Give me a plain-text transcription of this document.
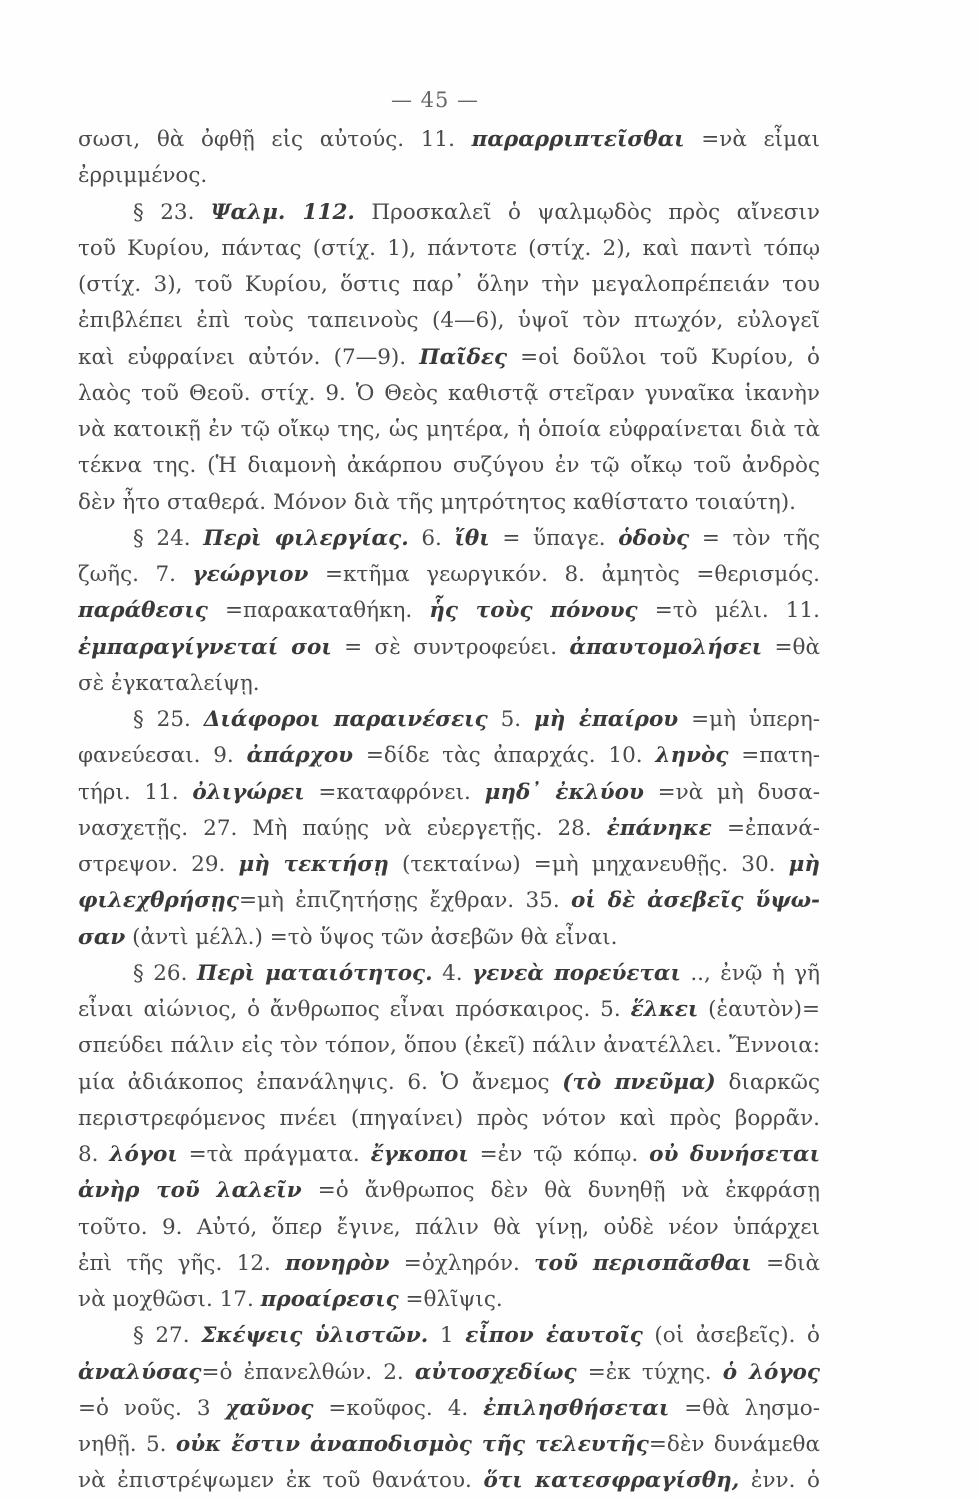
— 45 —
σωσι, θὰ ὀφθῇ εἰς αὐτούς. 11. παραρριπτεῖσθαι =νὰ εἶμαι
ἐρριμμένος.
§ 23. Ψαλμ. 112. Προσκαλεῖ ὁ ψαλμῳδὸς πρὸς αἴνεσιν
τοῦ Κυρίου, πάντας (στίχ. 1), πάντοτε (στίχ. 2), καὶ παντὶ τόπῳ
(στίχ. 3), τοῦ Κυρίου, ὅστις παρ᾽ ὅλην τὴν μεγαλοπρέπειάν του
ἐπιβλέπει ἐπὶ τοὺς ταπεινοὺς (4—6), ὑψοῖ τὸν πτωχόν, εὐλογεῖ
καὶ εὐφραίνει αὐτόν. (7—9). Παῖδες =οἱ δοῦλοι τοῦ Κυρίου, ὁ
λαὸς τοῦ Θεοῦ. στίχ. 9. Ὁ Θεὸς καθιστᾷ στεῖραν γυναῖκα ἱκανὴν
νὰ κατοικῇ ἐν τῷ οἴκῳ της, ὡς μητέρα, ἡ ὁποία εὐφραίνεται διὰ τὰ
τέκνα της. (Ἡ διαμονὴ ἀκάρπου συζύγου ἐν τῷ οἴκῳ τοῦ ἀνδρὸς
δὲν ἦτο σταθερά. Μόνον διὰ τῆς μητρότητος καθίστατο τοιαύτη).
§ 24. Περὶ φιλεργίας. 6. ἴθι = ὕπαγε. ὁδοὺς = τὸν τῆς
ζωῆς. 7. γεώργιον =κτῆμα γεωργικόν. 8. ἀμητὸς =θερισμός.
παράθεσις =παρακαταθήκη. ἧς τοὺς πόνους =τὸ μέλι. 11.
ἐμπαραγίγνεταί σοι = σὲ συντροφεύει. ἀπαυτομολήσει =θὰ
σὲ ἐγκαταλείψῃ.
§ 25. Διάφοροι παραινέσεις 5. μὴ ἐπαίρου =μὴ ὑπερη-
φανεύεσαι. 9. ἀπάρχου =δίδε τὰς ἀπαρχάς. 10. ληνὸς =πατη-
τήρι. 11. ὀλιγώρει =καταφρόνει. μηδ᾽ ἐκλύου =νὰ μὴ δυσα-
νασχετῇς. 27. Μὴ παύῃς νὰ εὐεργετῇς. 28. ἐπάνηκε =ἐπανά-
στρεψον. 29. μὴ τεκτήσῃ (τεκταίνω) =μὴ μηχανευθῇς. 30. μὴ
φιλεχθρήσῃς=μὴ ἐπιζητήσῃς ἔχθραν. 35. οἱ δὲ ἀσεβεῖς ὕψω-
σαν (ἀντὶ μέλλ.) =τὸ ὕψος τῶν ἀσεβῶν θὰ εἶναι.
§ 26. Περὶ ματαιότητος. 4. γενεὰ πορεύεται .., ἐνῷ ἡ γῆ
εἶναι αἰώνιος, ὁ ἄνθρωπος εἶναι πρόσκαιρος. 5. ἕλκει (ἑαυτὸν)=
σπεύδει πάλιν εἰς τὸν τόπον, ὅπου (ἐκεῖ) πάλιν ἀνατέλλει. Ἔννοια:
μία ἀδιάκοπος ἐπανάληψις. 6. Ὁ ἄνεμος (τὸ πνεῦμα) διαρκῶς
περιστρεφόμενος πνέει (πηγαίνει) πρὸς νότον καὶ πρὸς βορρᾶν.
8. λόγοι =τὰ πράγματα. ἔγκοποι =ἐν τῷ κόπῳ. οὐ δυνήσεται
ἀνὴρ τοῦ λαλεῖν =ὁ ἄνθρωπος δὲν θὰ δυνηθῇ νὰ ἐκφράσῃ
τοῦτο. 9. Αὐτό, ὅπερ ἔγινε, πάλιν θὰ γίνῃ, οὐδὲ νέον ὑπάρχει
ἐπὶ τῆς γῆς. 12. πονηρὸν =ὀχληρόν. τοῦ περισπᾶσθαι =διὰ
νὰ μοχθῶσι. 17. προαίρεσις =θλῖψις.
§ 27. Σκέψεις ὑλιστῶν. 1 εἶπον ἑαυτοῖς (οἱ ἀσεβεῖς). ὁ
ἀναλύσας=ὁ ἐπανελθών. 2. αὐτοσχεδίως =ἐκ τύχης. ὁ λόγος
=ὁ νοῦς. 3 χαῦνος =κοῦφος. 4. ἐπιλησθήσεται =θὰ λησμο-
νηθῇ. 5. οὐκ ἔστιν ἀναποδισμὸς τῆς τελευτῆς=δὲν δυνάμεθα
νὰ ἐπιστρέψωμεν ἐκ τοῦ θανάτου. ὅτι κατεσφραγίσθη, ἐνν. ὁ
